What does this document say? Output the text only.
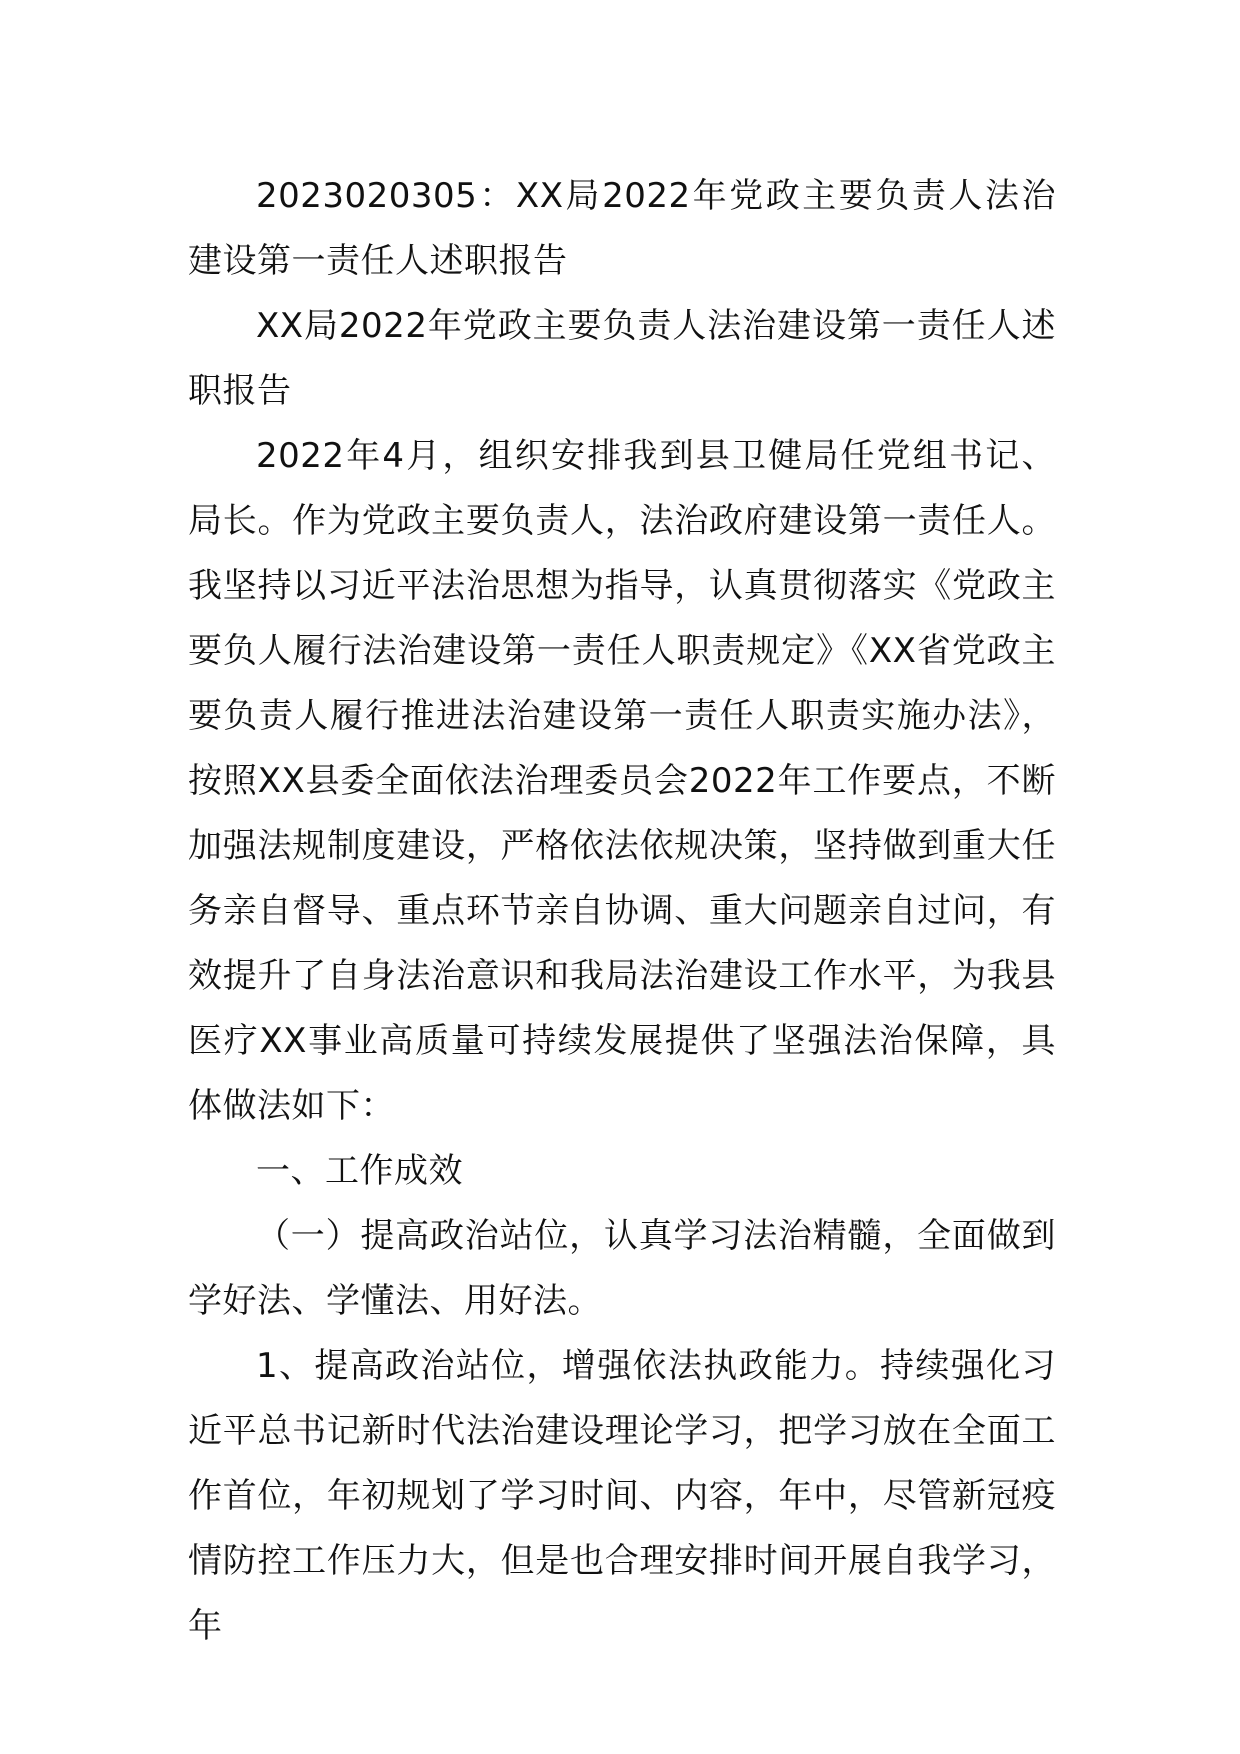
2023020305：XX局2022年党政主要负责人法治建设第一责任人述职报告

XX局2022年党政主要负责人法治建设第一责任人述职报告

2022年4月，组织安排我到县卫健局任党组书记、局长。作为党政主要负责人，法治政府建设第一责任人。我坚持以习近平法治思想为指导，认真贯彻落实《党政主要负人履行法治建设第一责任人职责规定》《XX省党政主要负责人履行推进法治建设第一责任人职责实施办法》，按照XX县委全面依法治理委员会2022年工作要点，不断加强法规制度建设，严格依法依规决策，坚持做到重大任务亲自督导、重点环节亲自协调、重大问题亲自过问，有效提升了自身法治意识和我局法治建设工作水平，为我县医疗XX事业高质量可持续发展提供了坚强法治保障，具体做法如下：

一、工作成效

（一）提高政治站位，认真学习法治精髓，全面做到学好法、学懂法、用好法。

1、提高政治站位，增强依法执政能力。持续强化习近平总书记新时代法治建设理论学习，把学习放在全面工作首位，年初规划了学习时间、内容，年中，尽管新冠疫情防控工作压力大，但是也合理安排时间开展自我学习，年
